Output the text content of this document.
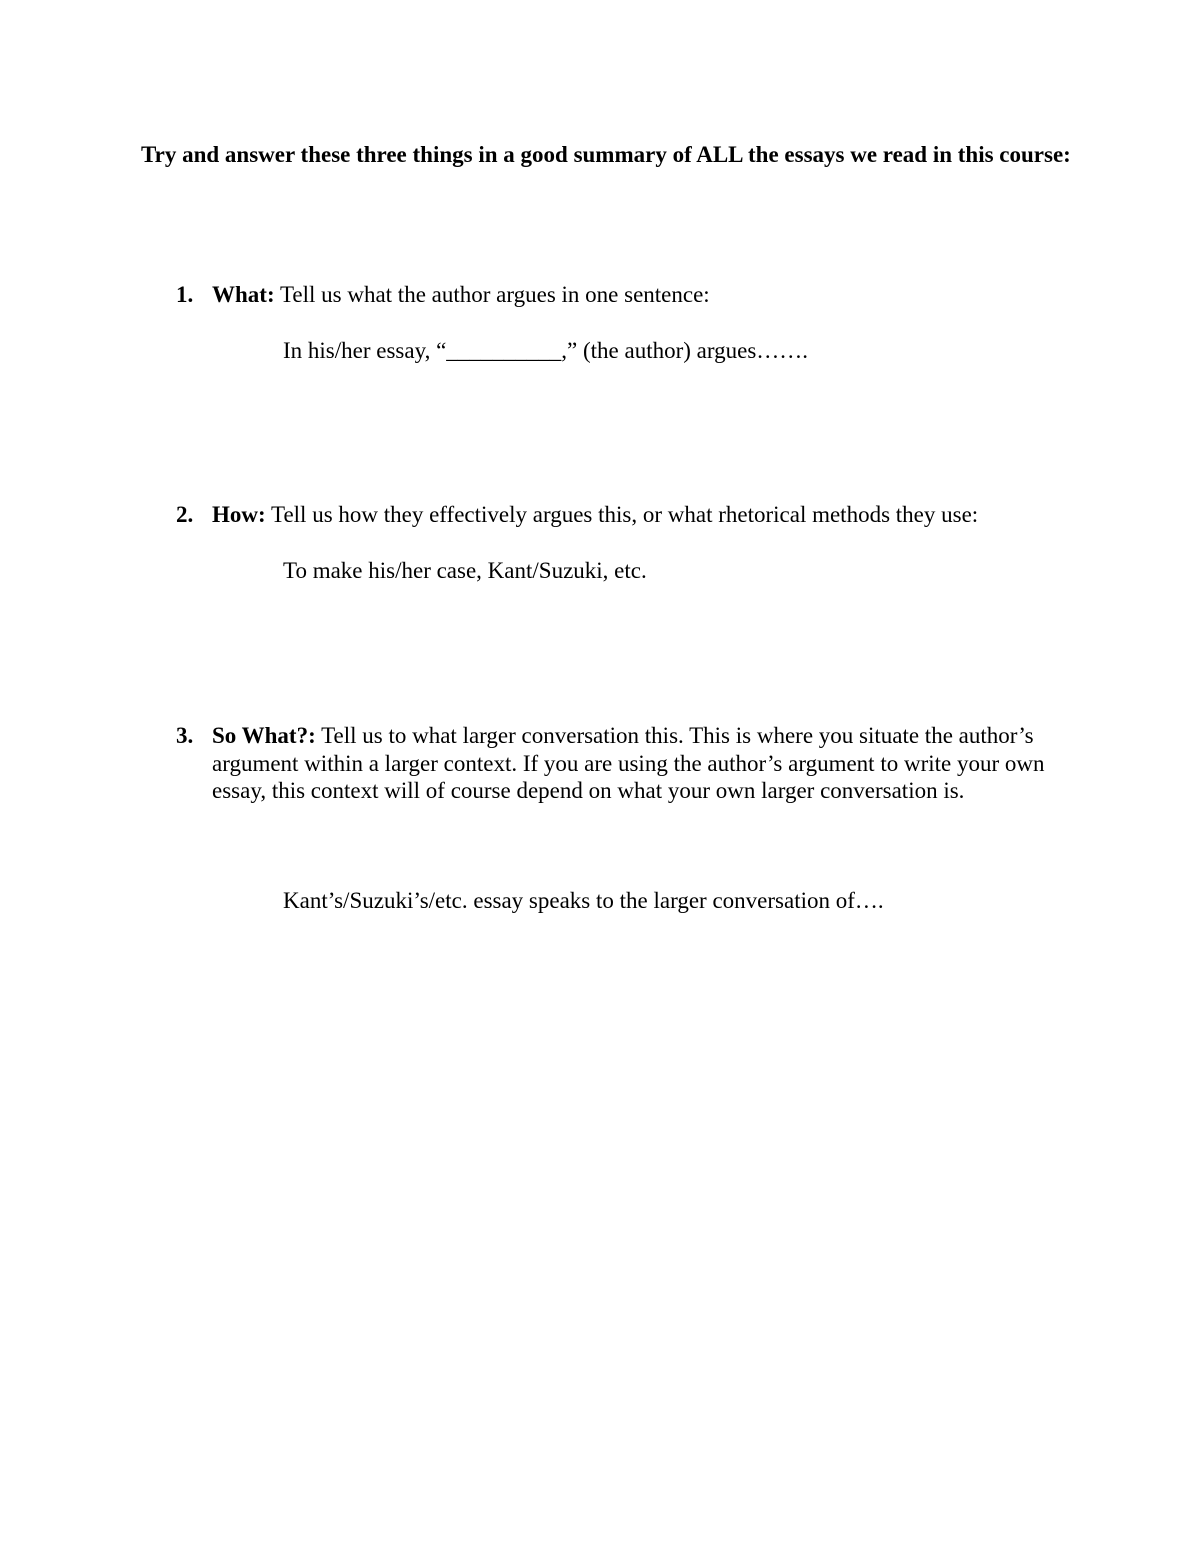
Try and answer these three things in a good summary of ALL the essays we read in this course:

1. What: Tell us what the author argues in one sentence:
In his/her essay, “__________,” (the author) argues…….
2. How: Tell us how they effectively argues this, or what rhetorical methods they use:
To make his/her case, Kant/Suzuki, etc.
3. So What?: Tell us to what larger conversation this. This is where you situate the author’s argument within a larger context. If you are using the author’s argument to write your own essay, this context will of course depend on what your own larger conversation is.
Kant’s/Suzuki’s/etc. essay speaks to the larger conversation of….
